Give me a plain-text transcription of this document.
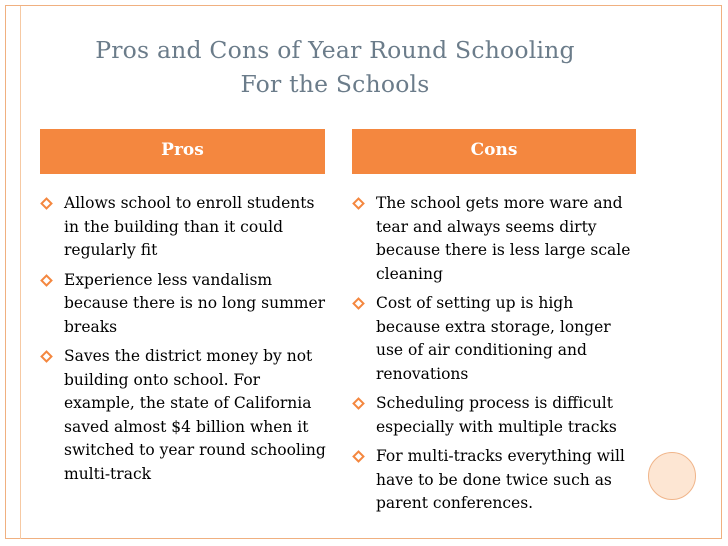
Pros and Cons of Year Round Schooling
For the Schools
Pros	Cons
Allows school to enroll students in the building than it could regularly fit
Experience less vandalism because there is no long summer breaks
Saves the district money by not building onto school. For example, the state of California saved almost $4 billion when it switched to year round schooling multi-track
The school gets more ware and tear and always seems dirty because there is less large scale cleaning
Cost of setting up is high because extra storage, longer use of air conditioning and renovations
Scheduling process is difficult especially with multiple tracks
For multi-tracks everything will have to be done twice such as parent conferences.
